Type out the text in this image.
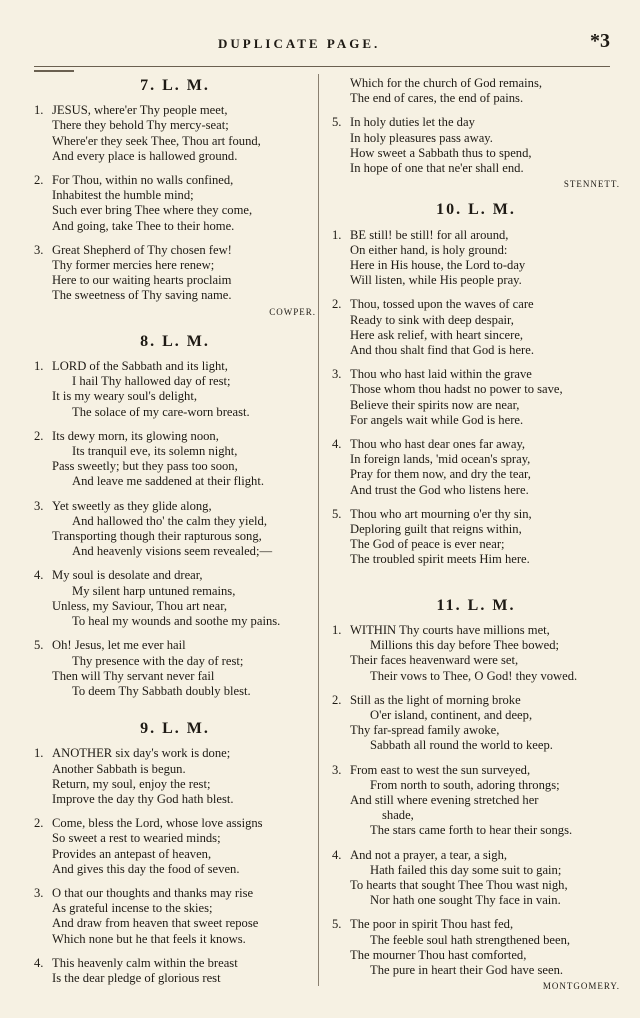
DUPLICATE PAGE.	*3
7. L. M.
1. JESUS, where'er Thy people meet,
There they behold Thy mercy-seat;
Where'er they seek Thee, Thou art found,
And every place is hallowed ground.
2. For Thou, within no walls confined,
Inhabitest the humble mind;
Such ever bring Thee where they come,
And going, take Thee to their home.
3. Great Shepherd of Thy chosen few!
Thy former mercies here renew;
Here to our waiting hearts proclaim
The sweetness of Thy saving name.
COWPER.
8. L. M.
1. LORD of the Sabbath and its light,
I hail Thy hallowed day of rest;
It is my weary soul's delight,
The solace of my care-worn breast.
2. Its dewy morn, its glowing noon,
Its tranquil eve, its solemn night,
Pass sweetly; but they pass too soon,
And leave me saddened at their flight.
3. Yet sweetly as they glide along,
And hallowed tho' the calm they yield,
Transporting though their rapturous song,
And heavenly visions seem revealed;—
4. My soul is desolate and drear,
My silent harp untuned remains,
Unless, my Saviour, Thou art near,
To heal my wounds and soothe my pains.
5. Oh! Jesus, let me ever hail
Thy presence with the day of rest;
Then will Thy servant never fail
To deem Thy Sabbath doubly blest.
9. L. M.
1. ANOTHER six day's work is done;
Another Sabbath is begun.
Return, my soul, enjoy the rest;
Improve the day thy God hath blest.
2. Come, bless the Lord, whose love assigns
So sweet a rest to wearied minds;
Provides an antepast of heaven,
And gives this day the food of seven.
3. O that our thoughts and thanks may rise
As grateful incense to the skies;
And draw from heaven that sweet repose
Which none but he that feels it knows.
4. This heavenly calm within the breast
Is the dear pledge of glorious rest
Which for the church of God remains,
The end of cares, the end of pains.
5. In holy duties let the day
In holy pleasures pass away.
How sweet a Sabbath thus to spend,
In hope of one that ne'er shall end.
STENNETT.
10. L. M.
1. BE still! be still! for all around,
On either hand, is holy ground:
Here in His house, the Lord to-day
Will listen, while His people pray.
2. Thou, tossed upon the waves of care
Ready to sink with deep despair,
Here ask relief, with heart sincere,
And thou shalt find that God is here.
3. Thou who hast laid within the grave
Those whom thou hadst no power to save,
Believe their spirits now are near,
For angels wait while God is here.
4. Thou who hast dear ones far away,
In foreign lands, 'mid ocean's spray,
Pray for them now, and dry the tear,
And trust the God who listens here.
5. Thou who art mourning o'er thy sin,
Deploring guilt that reigns within,
The God of peace is ever near;
The troubled spirit meets Him here.
11. L. M.
1. WITHIN Thy courts have millions met,
Millions this day before Thee bowed;
Their faces heavenward were set,
Their vows to Thee, O God! they vowed.
2. Still as the light of morning broke
O'er island, continent, and deep,
Thy far-spread family awoke,
Sabbath all round the world to keep.
3. From east to west the sun surveyed,
From north to south, adoring throngs;
And still where evening stretched her
shade,
The stars came forth to hear their songs.
4. And not a prayer, a tear, a sigh,
Hath failed this day some suit to gain;
To hearts that sought Thee Thou wast nigh,
Nor hath one sought Thy face in vain.
5. The poor in spirit Thou hast fed,
The feeble soul hath strengthened been,
The mourner Thou hast comforted,
The pure in heart their God have seen.
MONTGOMERY.
